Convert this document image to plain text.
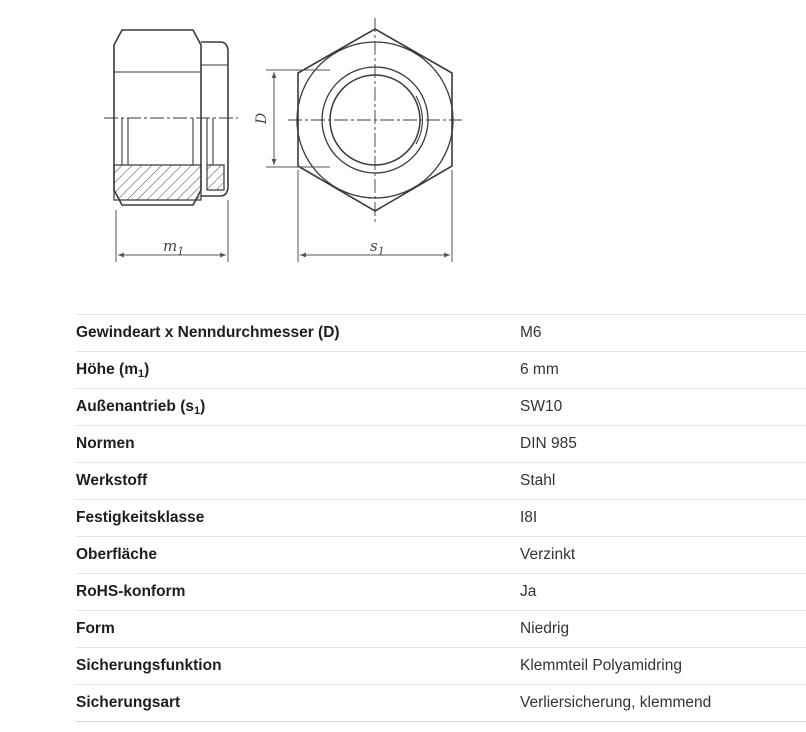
$m_1$
D
$s_1$
Gewindeart x Nenndurchmesser (D)	M6
Höhe $(m_1)$	6 mm
Außenantrieb $(s_1)$	SW10
Normen	DIN 985
Werkstoff	Stahl
Festigkeitsklasse	I8I
Oberfläche	Verzinkt
RoHS-konform	Ja
Form	Niedrig
Sicherungsfunktion	Klemmteil Polyamidring
Sicherungsart	Verliersicherung, klemmend
